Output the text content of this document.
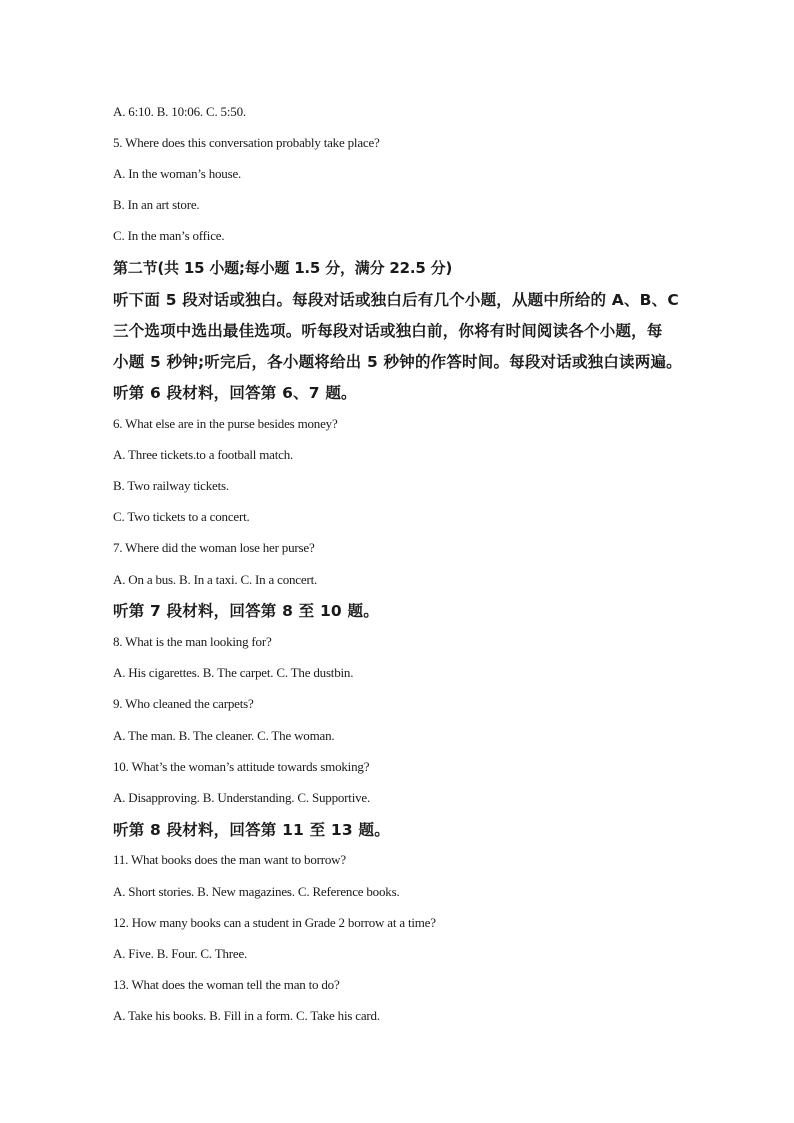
A. 6:10. B. 10:06. C. 5:50.
5. Where does this conversation probably take place?
A. In the woman’s house.
B. In an art store.
C. In the man’s office.
第二节(共 15 小题;每小题 1.5 分，满分 22.5 分)
听下面 5 段对话或独白。每段对话或独白后有几个小题，从题中所给的 A、B、C
三个选项中选出最佳选项。听每段对话或独白前，你将有时间阅读各个小题，每
小题 5 秒钟;听完后，各小题将给出 5 秒钟的作答时间。每段对话或独白读两遍。
听第 6 段材料，回答第 6、7 题。
6. What else are in the purse besides money?
A. Three tickets.to a football match.
B. Two railway tickets.
C. Two tickets to a concert.
7. Where did the woman lose her purse?
A. On a bus. B. In a taxi. C. In a concert.
听第 7 段材料，回答第 8 至 10 题。
8. What is the man looking for?
A. His cigarettes. B. The carpet. C. The dustbin.
9. Who cleaned the carpets?
A. The man. B. The cleaner. C. The woman.
10. What’s the woman’s attitude towards smoking?
A. Disapproving. B. Understanding. C. Supportive.
听第 8 段材料，回答第 11 至 13 题。
11. What books does the man want to borrow?
A. Short stories. B. New magazines. C. Reference books.
12. How many books can a student in Grade 2 borrow at a time?
A. Five. B. Four. C. Three.
13. What does the woman tell the man to do?
A. Take his books. B. Fill in a form. C. Take his card.
